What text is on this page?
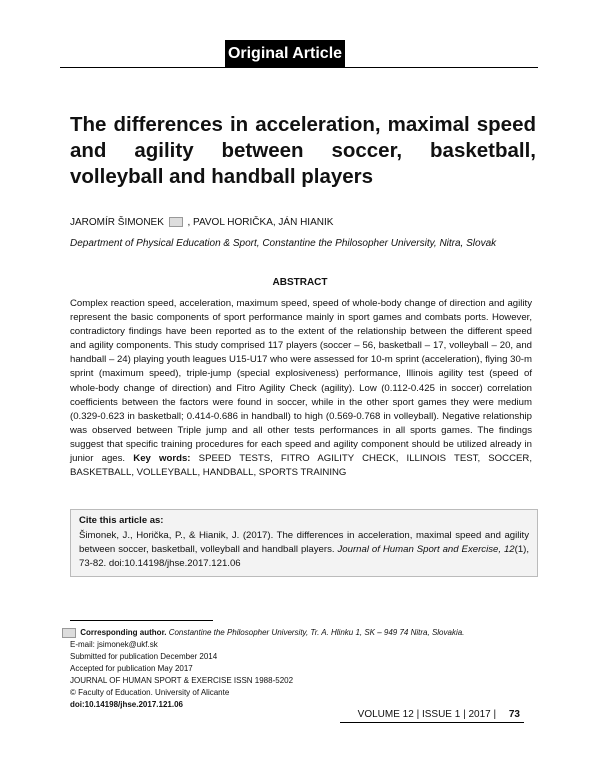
Original Article
The differences in acceleration, maximal speed and agility between soccer, basketball, volleyball and handball players
JAROMÍR ŠIMONEK , PAVOL HORIČKA, JÁN HIANIK
Department of Physical Education & Sport, Constantine the Philosopher University, Nitra, Slovak
ABSTRACT

Complex reaction speed, acceleration, maximum speed, speed of whole-body change of direction and agility represent the basic components of sport performance mainly in sport games and combats ports. However, contradictory findings have been reported as to the extent of the relationship between the different speed and agility components. This study comprised 117 players (soccer – 56, basketball – 17, volleyball – 20, and handball – 24) playing youth leagues U15-U17 who were assessed for 10-m sprint (acceleration), flying 30-m sprint (maximum speed), triple-jump (special explosiveness) performance, Illinois agility test (speed of whole-body change of direction) and Fitro Agility Check (agility). Low (0.112-0.425 in soccer) correlation coefficients between the factors were found in soccer, while in the other sport games they were medium (0.329-0.623 in basketball; 0.414-0.686 in handball) to high (0.569-0.768 in volleyball). Negative relationship was observed between Triple jump and all other tests performances in all sports games. The findings suggest that specific training procedures for each speed and agility component should be utilized already in junior ages. Key words: SPEED TESTS, FITRO AGILITY CHECK, ILLINOIS TEST, SOCCER, BASKETBALL, VOLLEYBALL, HANDBALL, SPORTS TRAINING

Cite this article as:

Šimonek, J., Horička, P., & Hianik, J. (2017). The differences in acceleration, maximal speed and agility between soccer, basketball, volleyball and handball players. Journal of Human Sport and Exercise, 12(1), 73-82. doi:10.14198/jhse.2017.121.06

Corresponding author. Constantine the Philosopher University, Tr. A. Hlinku 1, SK – 949 74 Nitra, Slovakia.
E-mail: jsimonek@ukf.sk
Submitted for publication December 2014
Accepted for publication May 2017
JOURNAL OF HUMAN SPORT & EXERCISE ISSN 1988-5202
© Faculty of Education. University of Alicante
doi:10.14198/jhse.2017.121.06
VOLUME 12 | ISSUE 1 | 2017 | 73
